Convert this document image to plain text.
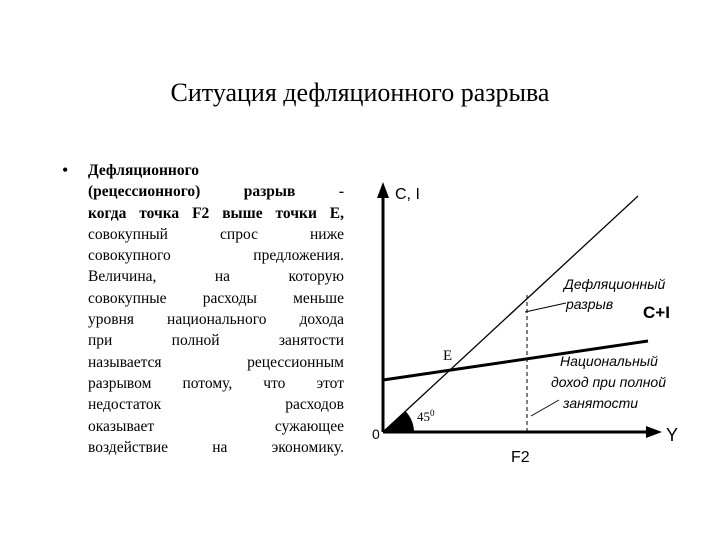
Ситуация дефляционного разрыва
• Дефляционного
(рецессионного) разрыв -
когда точка F2 выше точки Е,
совокупный спрос ниже
совокупного предложения.
Величина, на которую
совокупные расходы меньше
уровня национального дохода
при полной занятости
называется рецессионным
разрывом потому, что этот
недостаток расходов
оказывает сужающее
воздействие на экономику.
C, I
Y
0
E
$45^0$
F2
C+I
Дефляционный
разрыв
Национальный
доход при полной
занятости
